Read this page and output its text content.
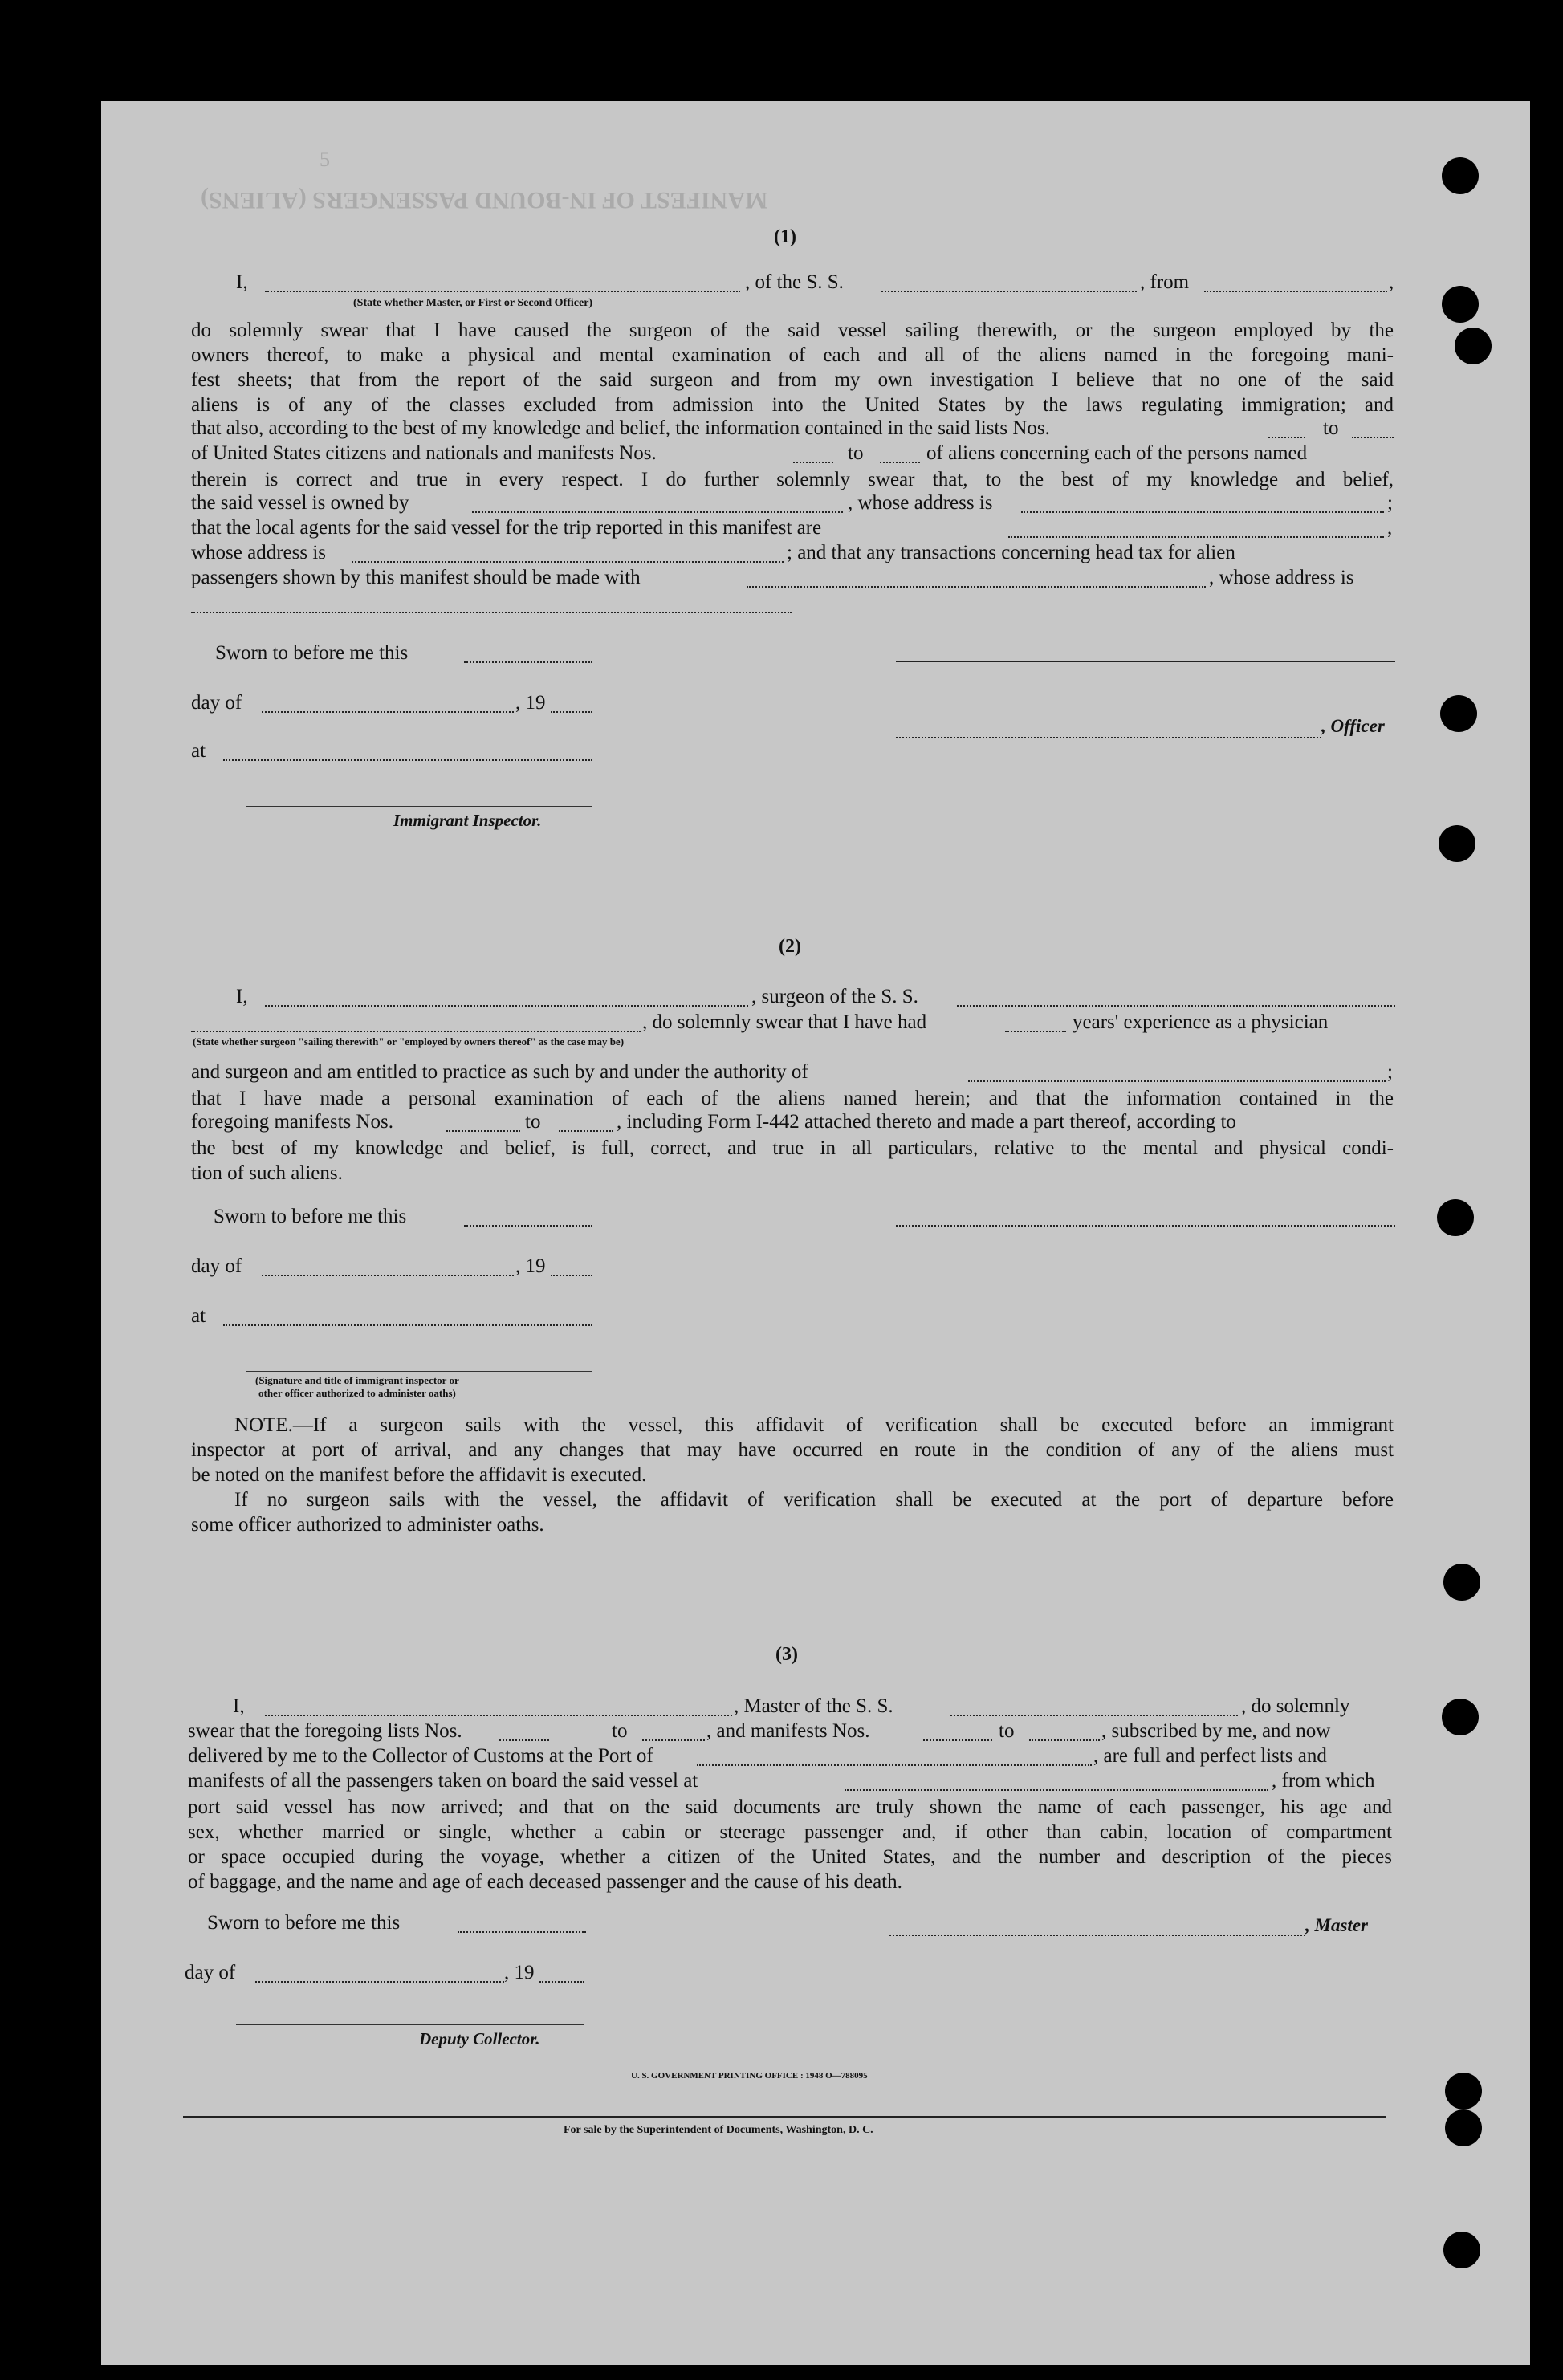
MANIFEST OF IN-BOUND PASSENGERS (ALIENS)
5
(1)
I,	, of the S. S.	, from	,
(State whether Master, or First or Second Officer)

do solemnly swear that I have caused the surgeon of the said vessel sailing therewith, or the surgeon employed by the

owners thereof, to make a physical and mental examination of each and all of the aliens named in the foregoing mani-

fest sheets; that from the report of the said surgeon and from my own investigation I believe that no one of the said

aliens is of any of the classes excluded from admission into the United States by the laws regulating immigration; and

that also, according to the best of my knowledge and belief, the information contained in the said lists Nos.	to
of United States citizens and nationals and manifests Nos.	to	of aliens concerning each of the persons named

therein is correct and true in every respect. I do further solemnly swear that, to the best of my knowledge and belief,

the said vessel is owned by	, whose address is	;
that the local agents for the said vessel for the trip reported in this manifest are	,
whose address is	; and that any transactions concerning head tax for alien
passengers shown by this manifest should be made with	, whose address is
Sworn to before me this
day of	, 19
, Officer
at
Immigrant Inspector.
(2)
I,	, surgeon of the S. S.
, do solemnly swear that I have had	years' experience as a physician
(State whether surgeon "sailing therewith" or "employed by owners thereof" as the case may be)
and surgeon and am entitled to practice as such by and under the authority of	;

that I have made a personal examination of each of the aliens named herein; and that the information contained in the

foregoing manifests Nos.	to	, including Form I-442 attached thereto and made a part thereof, according to

the best of my knowledge and belief, is full, correct, and true in all particulars, relative to the mental and physical condi-

tion of such aliens.

Sworn to before me this
day of	, 19
at
(Signature and title of immigrant inspector or
other officer authorized to administer oaths)

NOTE.—If a surgeon sails with the vessel, this affidavit of verification shall be executed before an immigrant

inspector at port of arrival, and any changes that may have occurred en route in the condition of any of the aliens must

be noted on the manifest before the affidavit is executed.

If no surgeon sails with the vessel, the affidavit of verification shall be executed at the port of departure before

some officer authorized to administer oaths.

(3)
I,	, Master of the S. S.	, do solemnly
swear that the foregoing lists Nos.	to	, and manifests Nos.	to	, subscribed by me, and now
delivered by me to the Collector of Customs at the Port of	, are full and perfect lists and
manifests of all the passengers taken on board the said vessel at	, from which

port said vessel has now arrived; and that on the said documents are truly shown the name of each passenger, his age and

sex, whether married or single, whether a cabin or steerage passenger and, if other than cabin, location of compartment

or space occupied during the voyage, whether a citizen of the United States, and the number and description of the pieces

of baggage, and the name and age of each deceased passenger and the cause of his death.

Sworn to before me this	, Master
day of	, 19
Deputy Collector.
U. S. GOVERNMENT PRINTING OFFICE : 1948 O—788095
For sale by the Superintendent of Documents, Washington, D. C.
